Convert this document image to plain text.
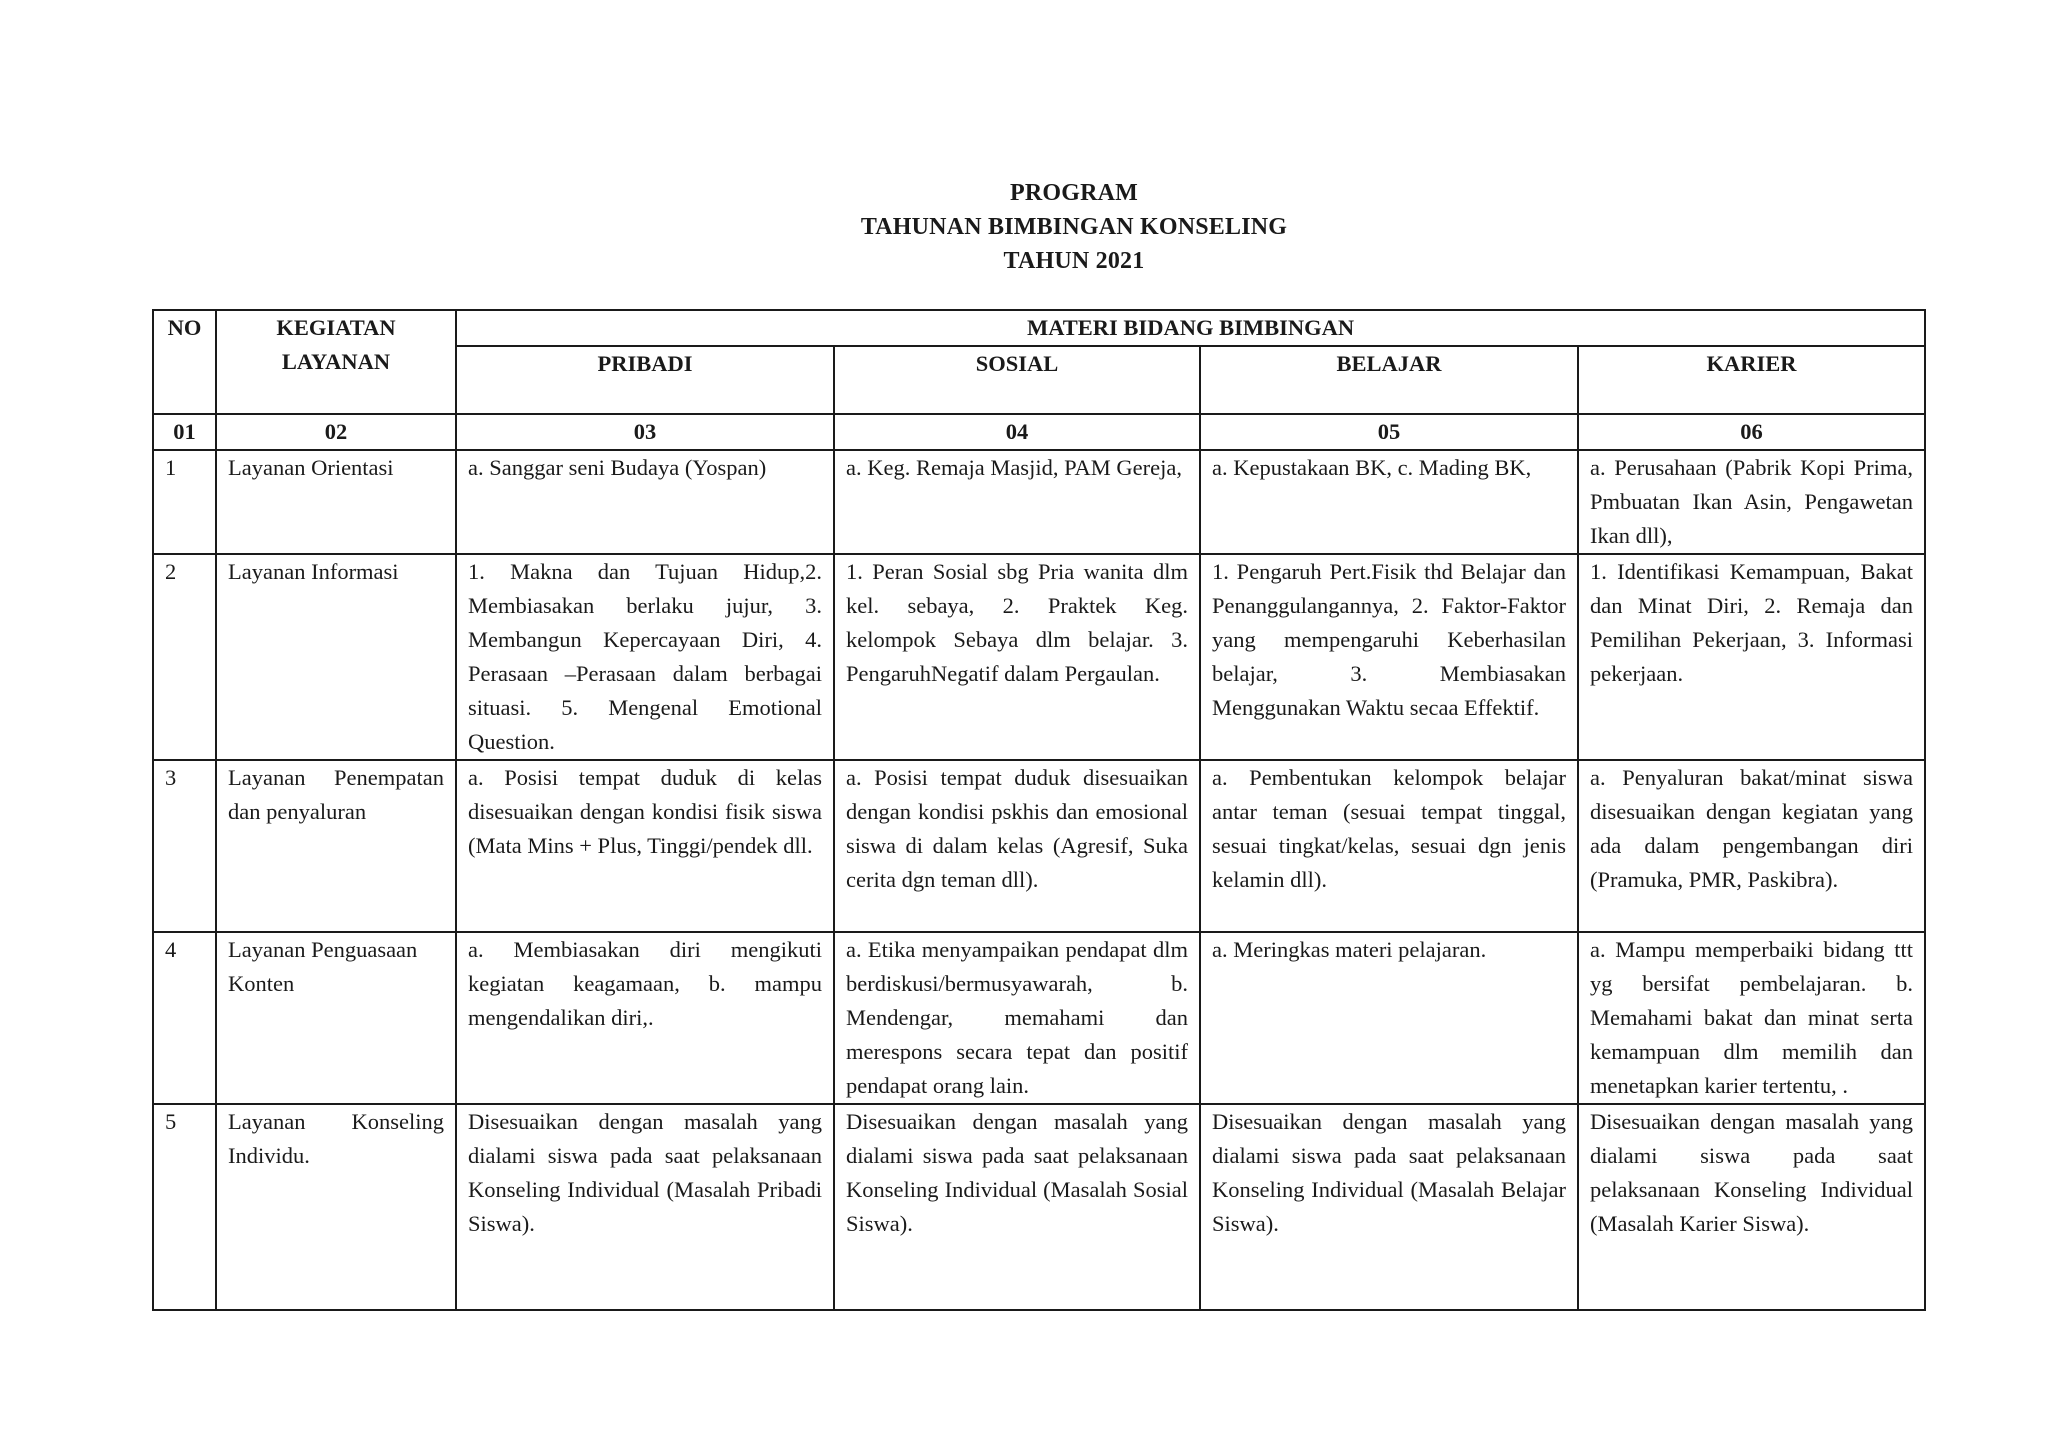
PROGRAM
TAHUNAN BIMBINGAN KONSELING
TAHUN 2021
NO	KEGIATAN LAYANAN	MATERI BIDANG BIMBINGAN			
		PRIBADI	SOSIAL	BELAJAR	KARIER
01	02	03	04	05	06
1	Layanan Orientasi	a. Sanggar seni Budaya (Yospan)	a. Keg. Remaja Masjid, PAM Gereja,	a. Kepustakaan BK, c. Mading BK,	a. Perusahaan (Pabrik Kopi Prima, Pmbuatan Ikan Asin, Pengawetan Ikan dll),
2	Layanan Informasi	1. Makna dan Tujuan Hidup,2. Membiasakan berlaku jujur, 3. Membangun Kepercayaan Diri, 4. Perasaan –Perasaan dalam berbagai situasi. 5. Mengenal Emotional Question.	1. Peran Sosial sbg Pria wanita dlm kel. sebaya, 2. Praktek Keg. kelompok Sebaya dlm belajar. 3. PengaruhNegatif dalam Pergaulan.	1. Pengaruh Pert.Fisik thd Belajar dan Penanggulangannya, 2. Faktor-Faktor yang mempengaruhi Keberhasilan belajar, 3. Membiasakan Menggunakan Waktu secaa Effektif.	1. Identifikasi Kemampuan, Bakat dan Minat Diri, 2. Remaja dan Pemilihan Pekerjaan, 3. Informasi pekerjaan.
3	Layanan Penempatan dan penyaluran	a. Posisi tempat duduk di kelas disesuaikan dengan kondisi fisik siswa (Mata Mins + Plus, Tinggi/pendek dll.	a. Posisi tempat duduk disesuaikan dengan kondisi pskhis dan emosional siswa di dalam kelas (Agresif, Suka cerita dgn teman dll).	a. Pembentukan kelompok belajar antar teman (sesuai tempat tinggal, sesuai tingkat/kelas, sesuai dgn jenis kelamin dll).	a. Penyaluran bakat/minat siswa disesuaikan dengan kegiatan yang ada dalam pengembangan diri (Pramuka, PMR, Paskibra).
4	Layanan Penguasaan Konten	a. Membiasakan diri mengikuti kegiatan keagamaan, b. mampu mengendalikan diri,.	a. Etika menyampaikan pendapat dlm berdiskusi/bermusyawarah, b. Mendengar, memahami dan merespons secara tepat dan positif pendapat orang lain.	a. Meringkas materi pelajaran.	a. Mampu memperbaiki bidang ttt yg bersifat pembelajaran. b. Memahami bakat dan minat serta kemampuan dlm memilih dan menetapkan karier tertentu, .
5	Layanan Konseling Individu.	Disesuaikan dengan masalah yang dialami siswa pada saat pelaksanaan Konseling Individual (Masalah Pribadi Siswa).	Disesuaikan dengan masalah yang dialami siswa pada saat pelaksanaan Konseling Individual (Masalah Sosial Siswa).	Disesuaikan dengan masalah yang dialami siswa pada saat pelaksanaan Konseling Individual (Masalah Belajar Siswa).	Disesuaikan dengan masalah yang dialami siswa pada saat pelaksanaan Konseling Individual (Masalah Karier Siswa).
